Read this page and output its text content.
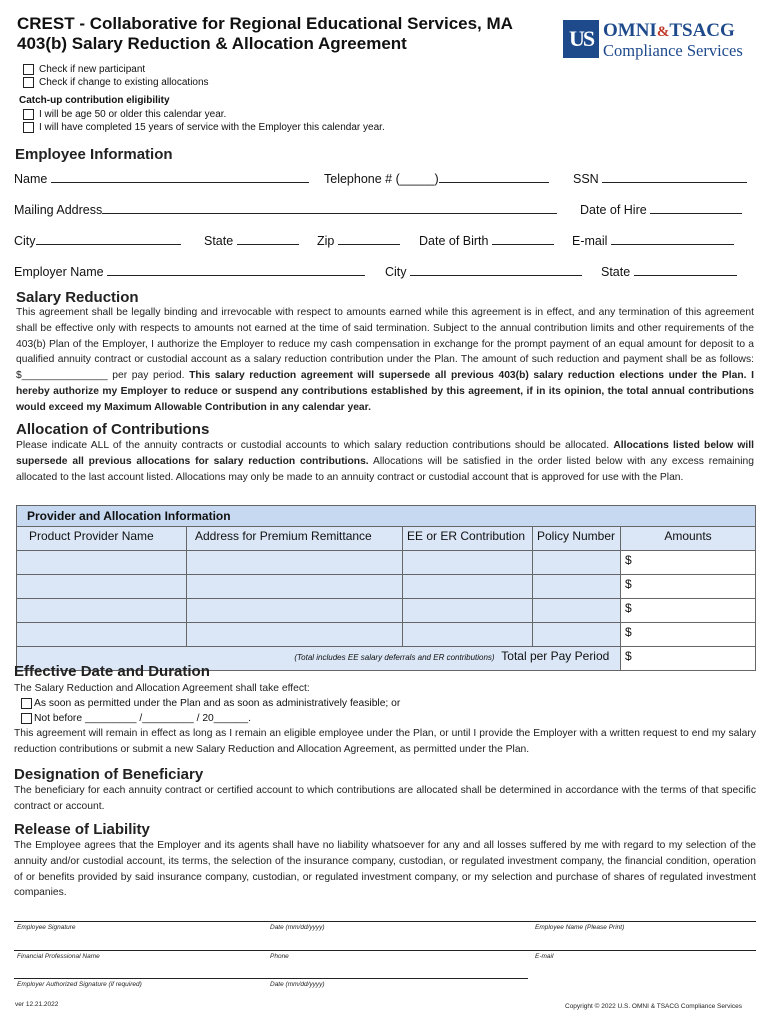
CREST - Collaborative for Regional Educational Services, MA
403(b) Salary Reduction & Allocation Agreement	US OMNI&TSACG
Compliance Services
Check if new participant
Check if change to existing allocations
Catch-up contribution eligibility
I will be age 50 or older this calendar year.
I will have completed 15 years of service with the Employer this calendar year.
Employee Information
Name	Telephone # (_____)	SSN
Mailing Address	Date of Hire
City	State	Zip	Date of Birth	E-mail
Employer Name	City	State
Salary Reduction
This agreement shall be legally binding and irrevocable with respect to amounts earned while this agreement is in effect, and any termination of this agreement shall be effective only with respects to amounts not earned at the time of said termination. Subject to the annual contribution limits and other requirements of the 403(b) Plan of the Employer, I authorize the Employer to reduce my cash compensation in exchange for the prompt payment of an equal amount for deposit to a qualified annuity contract or custodial account as a salary reduction contribution under the Plan. The amount of such reduction and payment shall be as follows: $_______________ per pay period. This salary reduction agreement will supersede all previous 403(b) salary reduction elections under the Plan. I hereby authorize my Employer to reduce or suspend any contributions established by this agreement, if in its opinion, the total annual contributions would exceed my Maximum Allowable Contribution in any calendar year.
Allocation of Contributions
Please indicate ALL of the annuity contracts or custodial accounts to which salary reduction contributions should be allocated. Allocations listed below will supersede all previous allocations for salary reduction contributions. Allocations will be satisfied in the order listed below with any excess remaining allocated to the last account listed. Allocations may only be made to an annuity contract or custodial account that is approved for use with the Plan.
Provider and Allocation Information				
Product Provider Name	Address for Premium Remittance	EE or ER Contribution	Policy Number	Amounts
				$
				$
				$
				$
(Total includes EE salary deferrals and ER contributions) Total per Pay Period				$
Effective Date and Duration
The Salary Reduction and Allocation Agreement shall take effect:
As soon as permitted under the Plan and as soon as administratively feasible; or
Not before _________ /_________ / 20______.
This agreement will remain in effect as long as I remain an eligible employee under the Plan, or until I provide the Employer with a written request to end my salary reduction contributions or submit a new Salary Reduction and Allocation Agreement, as permitted under the Plan.
Designation of Beneficiary
The beneficiary for each annuity contract or certified account to which contributions are allocated shall be determined in accordance with the terms of that specific contract or account.
Release of Liability
The Employee agrees that the Employer and its agents shall have no liability whatsoever for any and all losses suffered by me with regard to my selection of the annuity and/or custodial account, its terms, the selection of the insurance company, custodian, or regulated investment company, the financial condition, operation of or benefits provided by said insurance company, custodian, or regulated investment company, or my selection and purchase of shares of regulated investment companies.
Employee Signature	Date (mm/dd/yyyy)	Employee Name (Please Print)
Financial Professional Name	Phone	E-mail
Employer Authorized Signature (if required)	Date (mm/dd/yyyy)
ver 12.21.2022	Copyright © 2022 U.S. OMNI & TSACG Compliance Services
